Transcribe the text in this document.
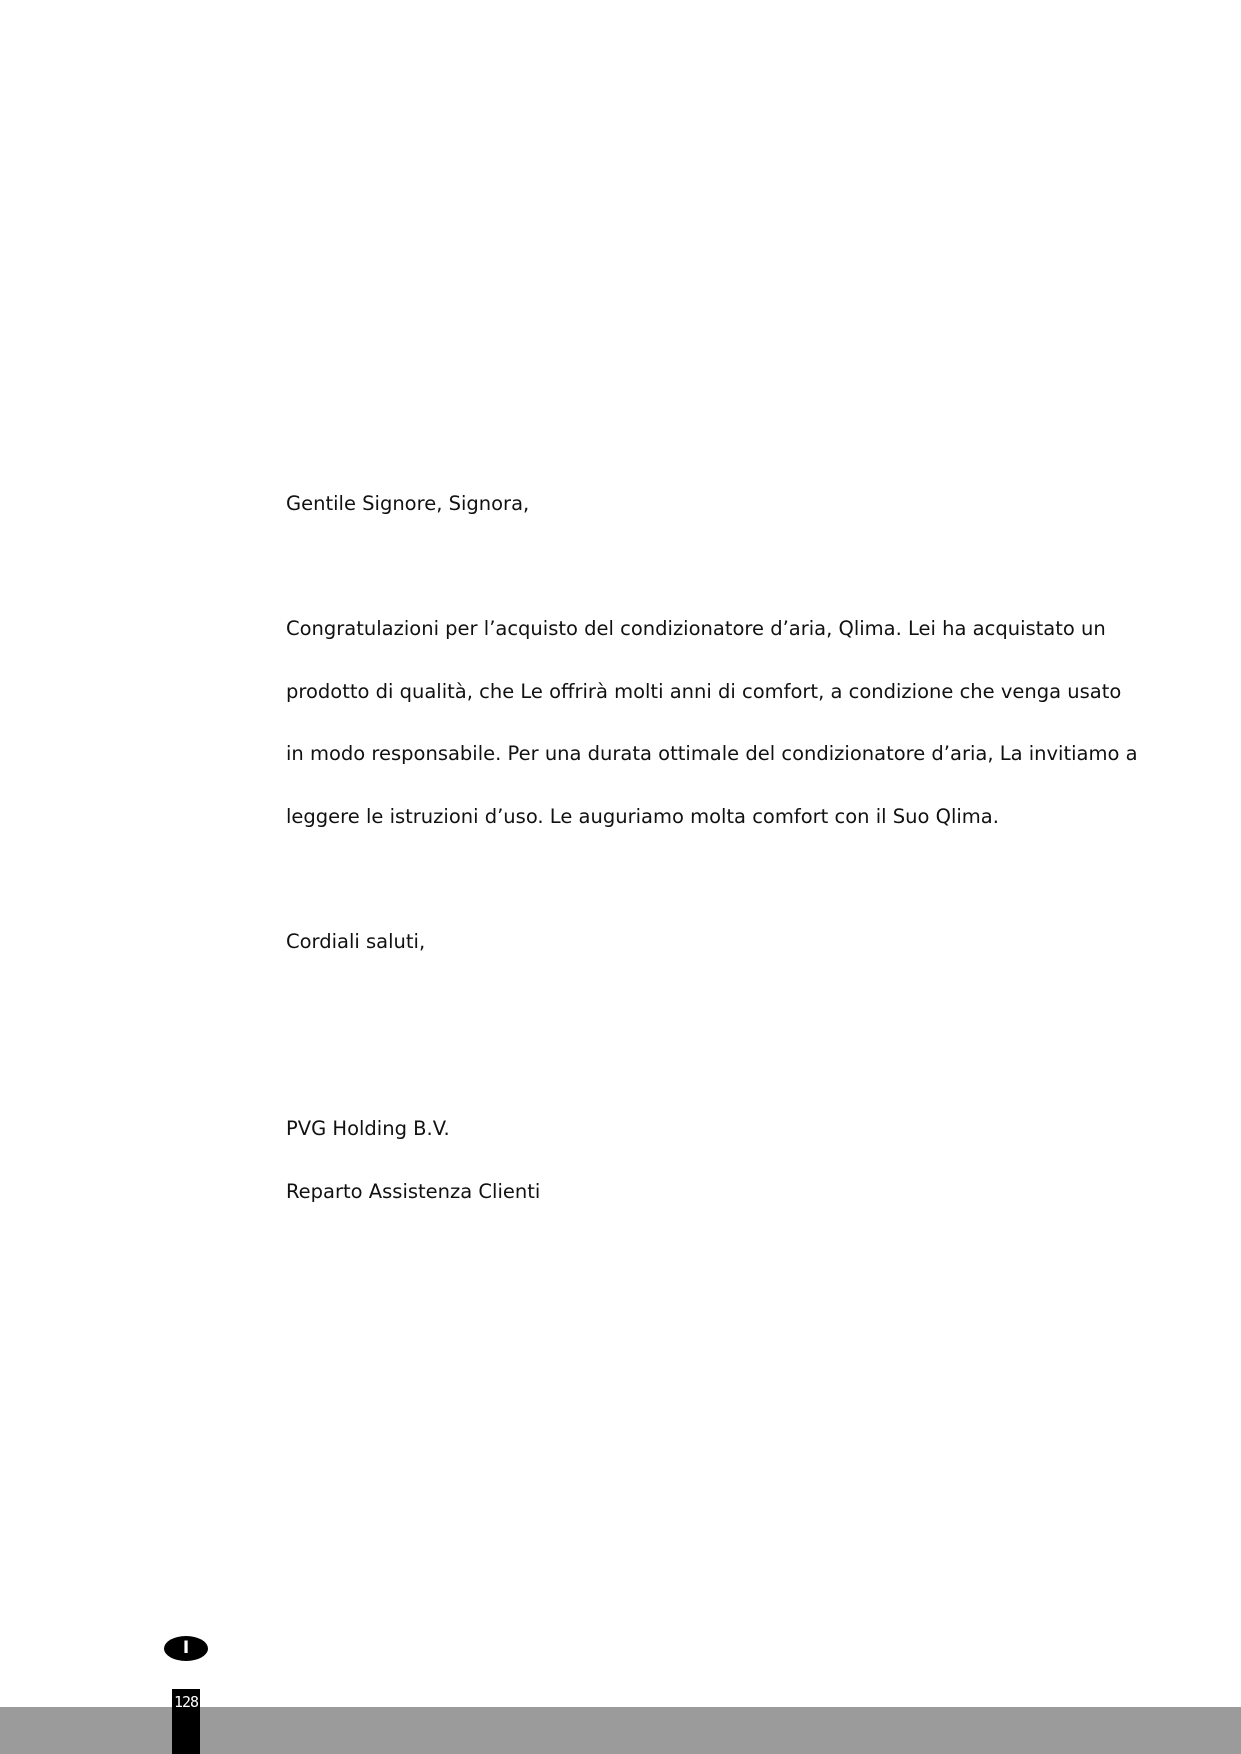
Gentile Signore, Signora,
Congratulazioni per l’acquisto del condizionatore d’aria, Qlima. Lei ha acquistato un
prodotto di qualità, che Le offrirà molti anni di comfort, a condizione che venga usato
in modo responsabile. Per una durata ottimale del condizionatore d’aria, La invitiamo a
leggere le istruzioni d’uso. Le auguriamo molta comfort con il Suo Qlima.
Cordiali saluti,
PVG Holding B.V.
Reparto Assistenza Clienti
I
128
